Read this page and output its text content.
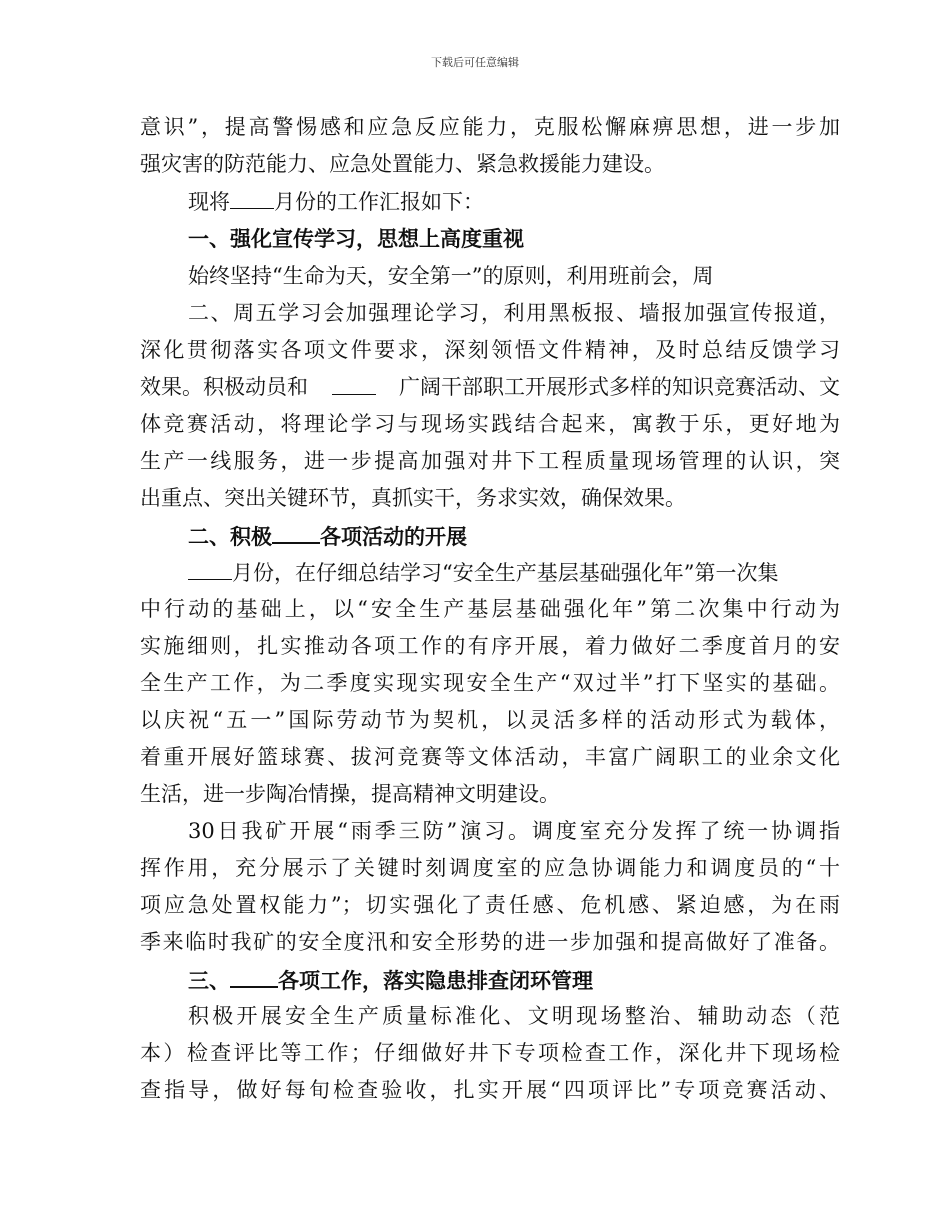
下载后可任意编辑
意识”，提高警惕感和应急反应能力，克服松懈麻痹思想，进一步加
强灾害的防范能力、应急处置能力、紧急救援能力建设。
现将 月份的工作汇报如下：
一、强化宣传学习，思想上高度重视
始终坚持“生命为天，安全第一”的原则，利用班前会，周
二、周五学习会加强理论学习，利用黑板报、墙报加强宣传报道，
深化贯彻落实各项文件要求，深刻领悟文件精神，及时总结反馈学习
效果。积极动员和	广阔干部职工开展形式多样的知识竞赛活动、文
体竞赛活动，将理论学习与现场实践结合起来，寓教于乐，更好地为
生产一线服务，进一步提高加强对井下工程质量现场管理的认识，突
出重点、突出关键环节，真抓实干，务求实效，确保效果。
二、积极 各项活动的开展
月份，在仔细总结学习“安全生产基层基础强化年”第一次集
中行动的基础上，以“安全生产基层基础强化年”第二次集中行动为
实施细则，扎实推动各项工作的有序开展，着力做好二季度首月的安
全生产工作，为二季度实现实现安全生产“双过半”打下坚实的基础。
以庆祝“五一”国际劳动节为契机，以灵活多样的活动形式为载体，
着重开展好篮球赛、拔河竞赛等文体活动，丰富广阔职工的业余文化
生活，进一步陶冶情操，提高精神文明建设。
30日我矿开展“雨季三防”演习。调度室充分发挥了统一协调指
挥作用，充分展示了关键时刻调度室的应急协调能力和调度员的“十
项应急处置权能力”；切实强化了责任感、危机感、紧迫感，为在雨
季来临时我矿的安全度汛和安全形势的进一步加强和提高做好了准备。
三、 各项工作，落实隐患排查闭环管理
积极开展安全生产质量标准化、文明现场整治、辅助动态（范
本）检查评比等工作；仔细做好井下专项检查工作，深化井下现场检
查指导，做好每旬检查验收，扎实开展“四项评比”专项竞赛活动、
